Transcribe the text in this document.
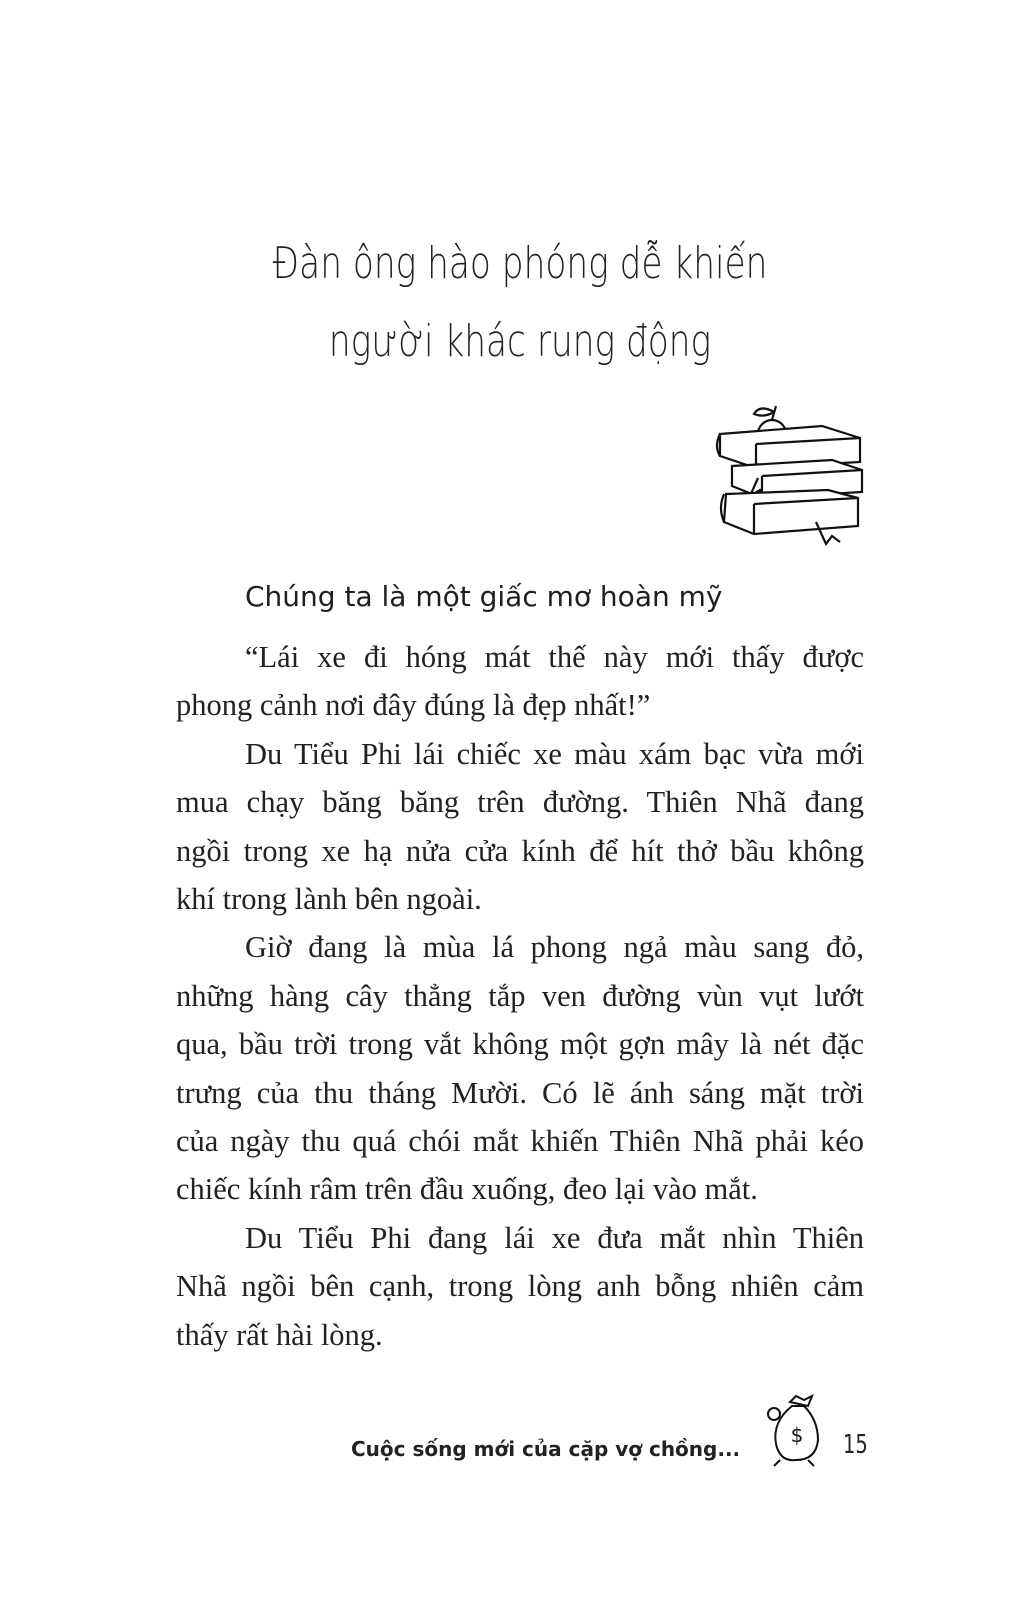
Đàn ông hào phóng dễ khiến
người khác rung động
Chúng ta là một giấc mơ hoàn mỹ
“Lái xe đi hóng mát thế này mới thấy được
phong cảnh nơi đây đúng là đẹp nhất!”
Du Tiểu Phi lái chiếc xe màu xám bạc vừa mới
mua chạy băng băng trên đường. Thiên Nhã đang
ngồi trong xe hạ nửa cửa kính để hít thở bầu không
khí trong lành bên ngoài.
Giờ đang là mùa lá phong ngả màu sang đỏ,
những hàng cây thẳng tắp ven đường vùn vụt lướt
qua, bầu trời trong vắt không một gợn mây là nét đặc
trưng của thu tháng Mười. Có lẽ ánh sáng mặt trời
của ngày thu quá chói mắt khiến Thiên Nhã phải kéo
chiếc kính râm trên đầu xuống, đeo lại vào mắt.
Du Tiểu Phi đang lái xe đưa mắt nhìn Thiên
Nhã ngồi bên cạnh, trong lòng anh bỗng nhiên cảm
thấy rất hài lòng.
Cuộc sống mới của cặp vợ chồng...
$ 15
